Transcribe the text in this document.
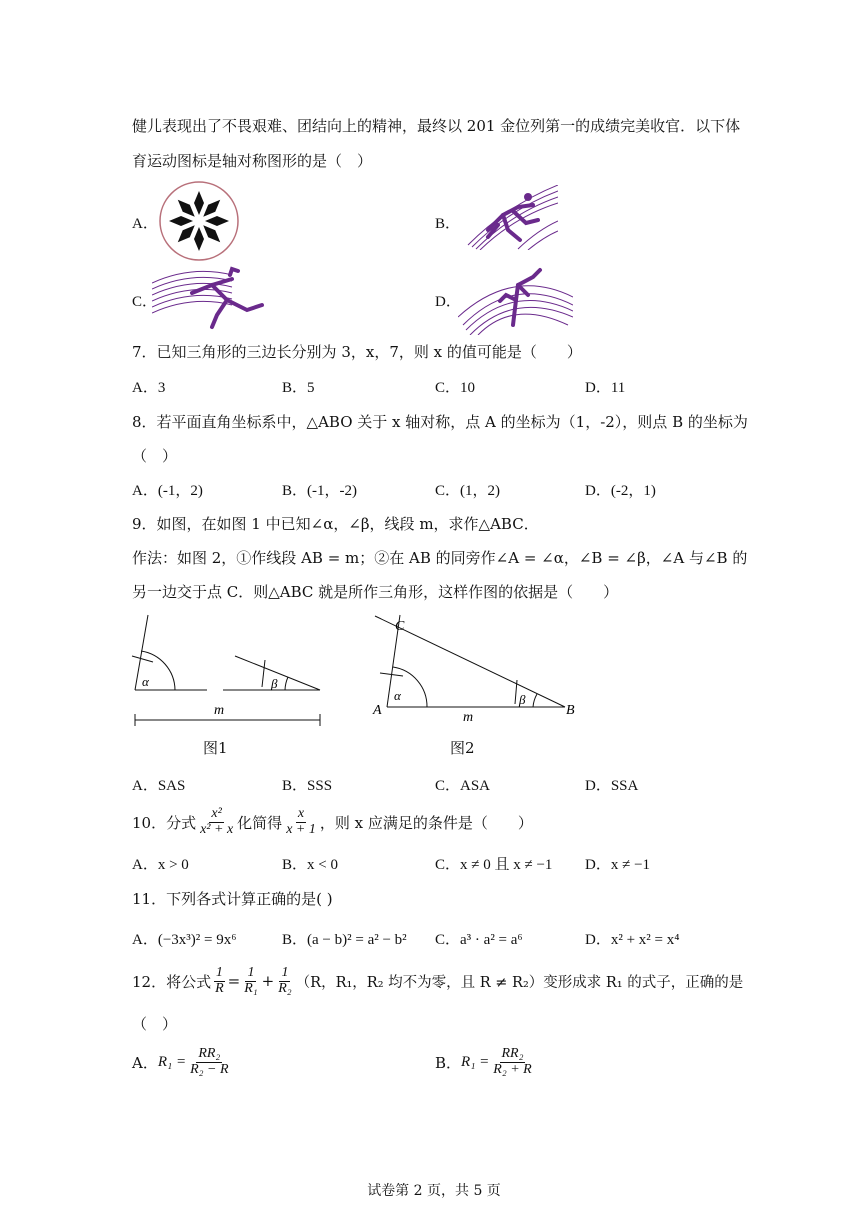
健儿表现出了不畏艰难、团结向上的精神，最终以 201 金位列第一的成绩完美收官．以下体
育运动图标是轴对称图形的是（　）
A．	B．
C．	D．
7．已知三角形的三边长分别为 3，x，7，则 x 的值可能是（　　）
A．3	B．5	C．10	D．11
8．若平面直角坐标系中，△ABO 关于 x 轴对称，点 A 的坐标为（1，-2），则点 B 的坐标为
（　）
A．(-1，2)	B．(-1，-2)	C．(1，2)	D．(-2，1)
9．如图，在如图 1 中已知∠α，∠β，线段 m，求作△ABC．
作法：如图 2，①作线段 AB = m；②在 AB 的同旁作∠A = ∠α，∠B = ∠β，∠A 与∠B 的
另一边交于点 C．则△ABC 就是所作三角形，这样作图的依据是（　　）
α	β
m
图1
C
A	B
α	β
m
图2
A．SAS	B．SSS	C．ASA	D．SSA
10．分式 $\frac{\text{x²}}{\text{x² + x}}$ 化简得 $\frac{x}{x + 1}$ ，则 x 应满足的条件是（　　）
A．x > 0	B．x < 0	C．x ≠ 0 且 x ≠ −1 D．x ≠ −1
11．下列各式计算正确的是( )
A．(−3x³)² = 9x⁶	B．(a − b)² = a² − b² C．a³ · a² = a⁶	D．x² + x² = x⁴
12．将公式 $\frac{1}{R} = \frac{1}{\text{R₁}} + \frac{1}{\text{R₂}} (R$，R₁，R₂ 均不为零，且 R ≠ R₂）变形成求 R₁ 的式子，正确的是
（　）
A． $R_1 = \frac{\text{RR₂}}{\text{R₂ − R}}$	B． $R_1 = \frac{\text{RR₂}}{\text{R₂ + R}}$
试卷第 2 页，共 5 页
